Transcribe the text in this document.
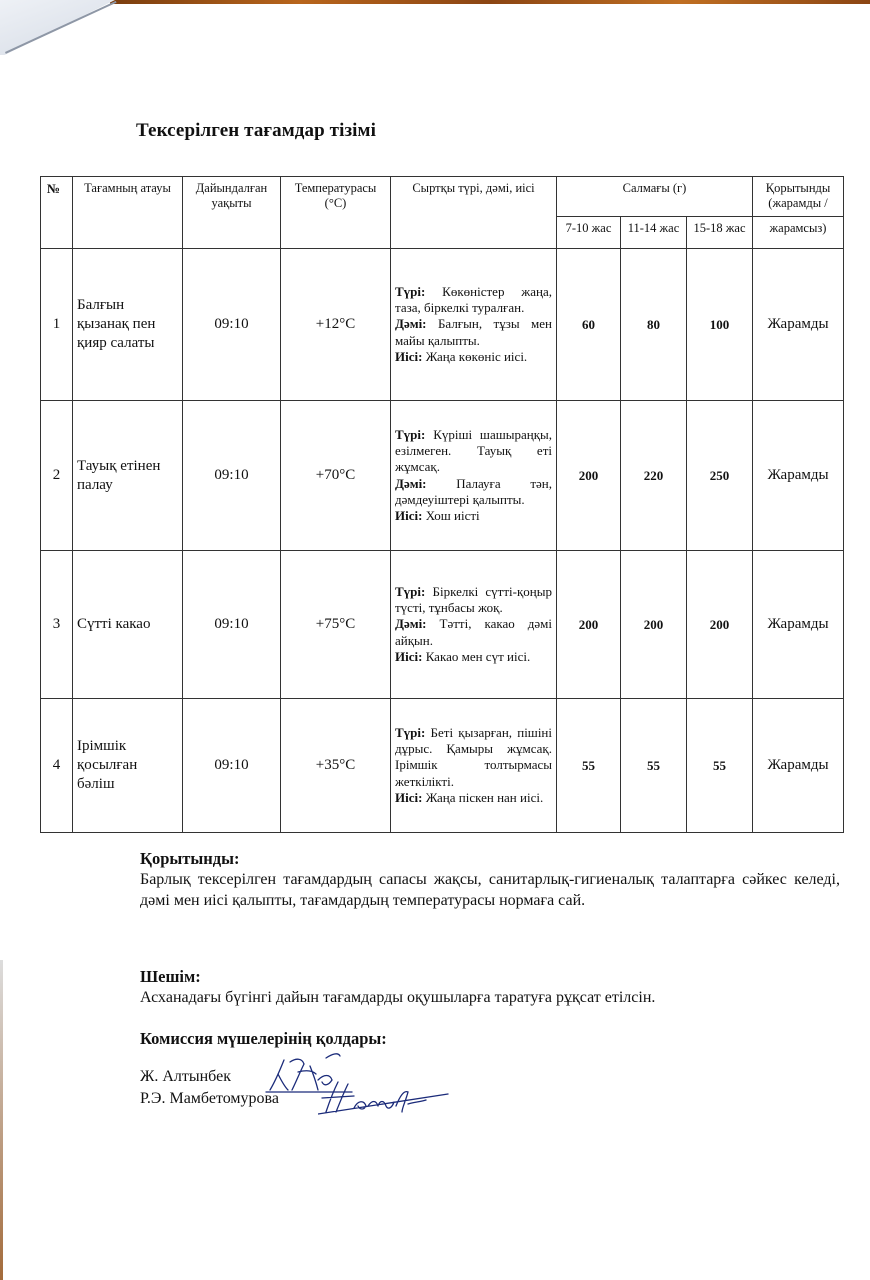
Тексерілген тағамдар тізімі
№	Тағамның атауы	Дайындалған уақыты	Температурасы (°С)	Сыртқы түрі, дәмі, иісі	Салмағы (г)			Қорытынды (жарамды /
					7-10 жас	11-14 жас	15-18 жас	жарамсыз)
1	Балғын қызанақ пен қияр салаты	09:10	+12°С	Түрі: Көкөністер жаңа, таза, біркелкі туралған.
Дәмі: Балғын, тұзы мен майы қалыпты.
Иісі: Жаңа көкөніс иісі.	60	80	100	Жарамды
2	Тауық етінен палау	09:10	+70°С	Түрі: Күріші шашыраңқы, езілмеген. Тауық еті жұмсақ.
Дәмі: Палауға тән, дәмдеуіштері қалыпты.
Иісі: Хош иісті	200	220	250	Жарамды
3	Сүтті какао	09:10	+75°С	Түрі: Біркелкі сүтті-қоңыр түсті, тұнбасы жоқ.
Дәмі: Тәтті, какао дәмі айқын.
Иісі: Какао мен сүт иісі.	200	200	200	Жарамды
4	Ірімшік қосылған бәліш	09:10	+35°С	Түрі: Беті қызарған, пішіні дұрыс. Қамыры жұмсақ. Ірімшік толтырмасы жеткілікті.
Иісі: Жаңа піскен нан иісі.	55	55	55	Жарамды
Қорытынды:
Барлық тексерілген тағамдардың сапасы жақсы, санитарлық-гигиеналық талаптарға сәйкес келеді, дәмі мен иісі қалыпты, тағамдардың температурасы нормаға сай.
Шешім:
Асханадағы бүгінгі дайын тағамдарды оқушыларға таратуға рұқсат етілсін.
Комиссия мүшелерінің қолдары:
Ж. Алтынбек
Р.Э. Мамбетомурова
